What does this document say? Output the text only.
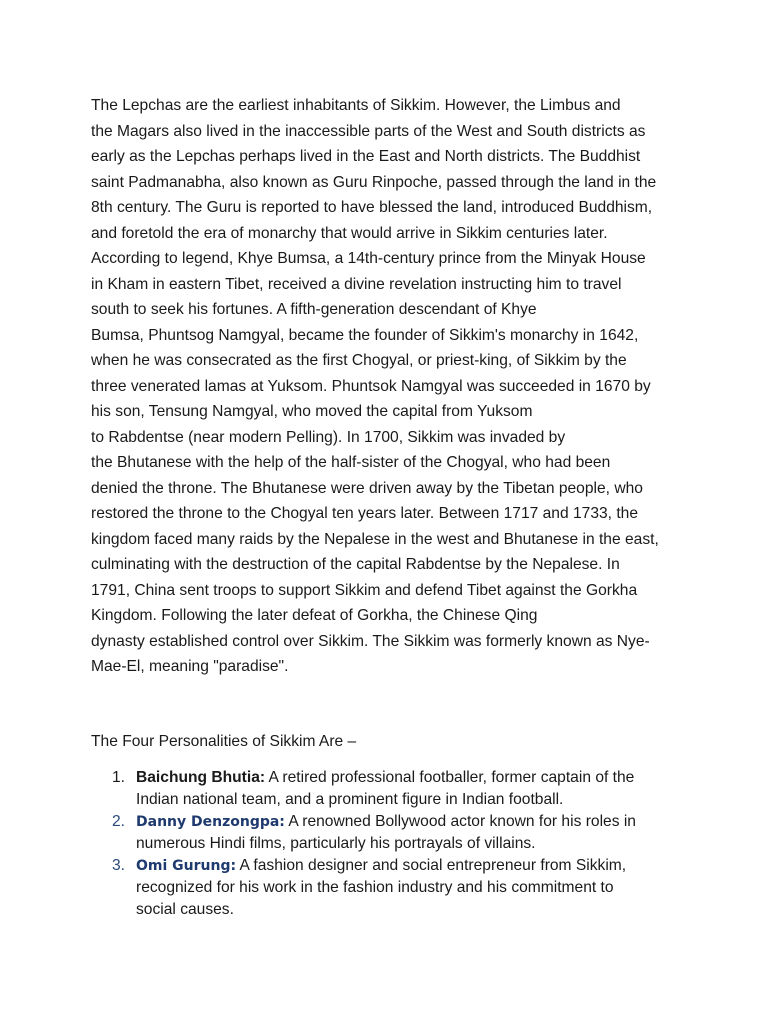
The Lepchas are the earliest inhabitants of Sikkim. However, the Limbus and
the Magars also lived in the inaccessible parts of the West and South districts as
early as the Lepchas perhaps lived in the East and North districts. The Buddhist
saint Padmanabha, also known as Guru Rinpoche, passed through the land in the
8th century. The Guru is reported to have blessed the land, introduced Buddhism,
and foretold the era of monarchy that would arrive in Sikkim centuries later.
According to legend, Khye Bumsa, a 14th-century prince from the Minyak House
in Kham in eastern Tibet, received a divine revelation instructing him to travel
south to seek his fortunes. A fifth-generation descendant of Khye
Bumsa, Phuntsog Namgyal, became the founder of Sikkim's monarchy in 1642,
when he was consecrated as the first Chogyal, or priest-king, of Sikkim by the
three venerated lamas at Yuksom. Phuntsok Namgyal was succeeded in 1670 by
his son, Tensung Namgyal, who moved the capital from Yuksom
to Rabdentse (near modern Pelling). In 1700, Sikkim was invaded by
the Bhutanese with the help of the half-sister of the Chogyal, who had been
denied the throne. The Bhutanese were driven away by the Tibetan people, who
restored the throne to the Chogyal ten years later. Between 1717 and 1733, the
kingdom faced many raids by the Nepalese in the west and Bhutanese in the east,
culminating with the destruction of the capital Rabdentse by the Nepalese. In
1791, China sent troops to support Sikkim and defend Tibet against the Gorkha
Kingdom. Following the later defeat of Gorkha, the Chinese Qing
dynasty established control over Sikkim. The Sikkim was formerly known as Nye-
Mae-El, meaning "paradise".
The Four Personalities of Sikkim Are –
1. Baichung Bhutia: A retired professional footballer, former captain of the
Indian national team, and a prominent figure in Indian football.
2. Danny Denzongpa: A renowned Bollywood actor known for his roles in
numerous Hindi films, particularly his portrayals of villains.
3. Omi Gurung: A fashion designer and social entrepreneur from Sikkim,
recognized for his work in the fashion industry and his commitment to
social causes.
